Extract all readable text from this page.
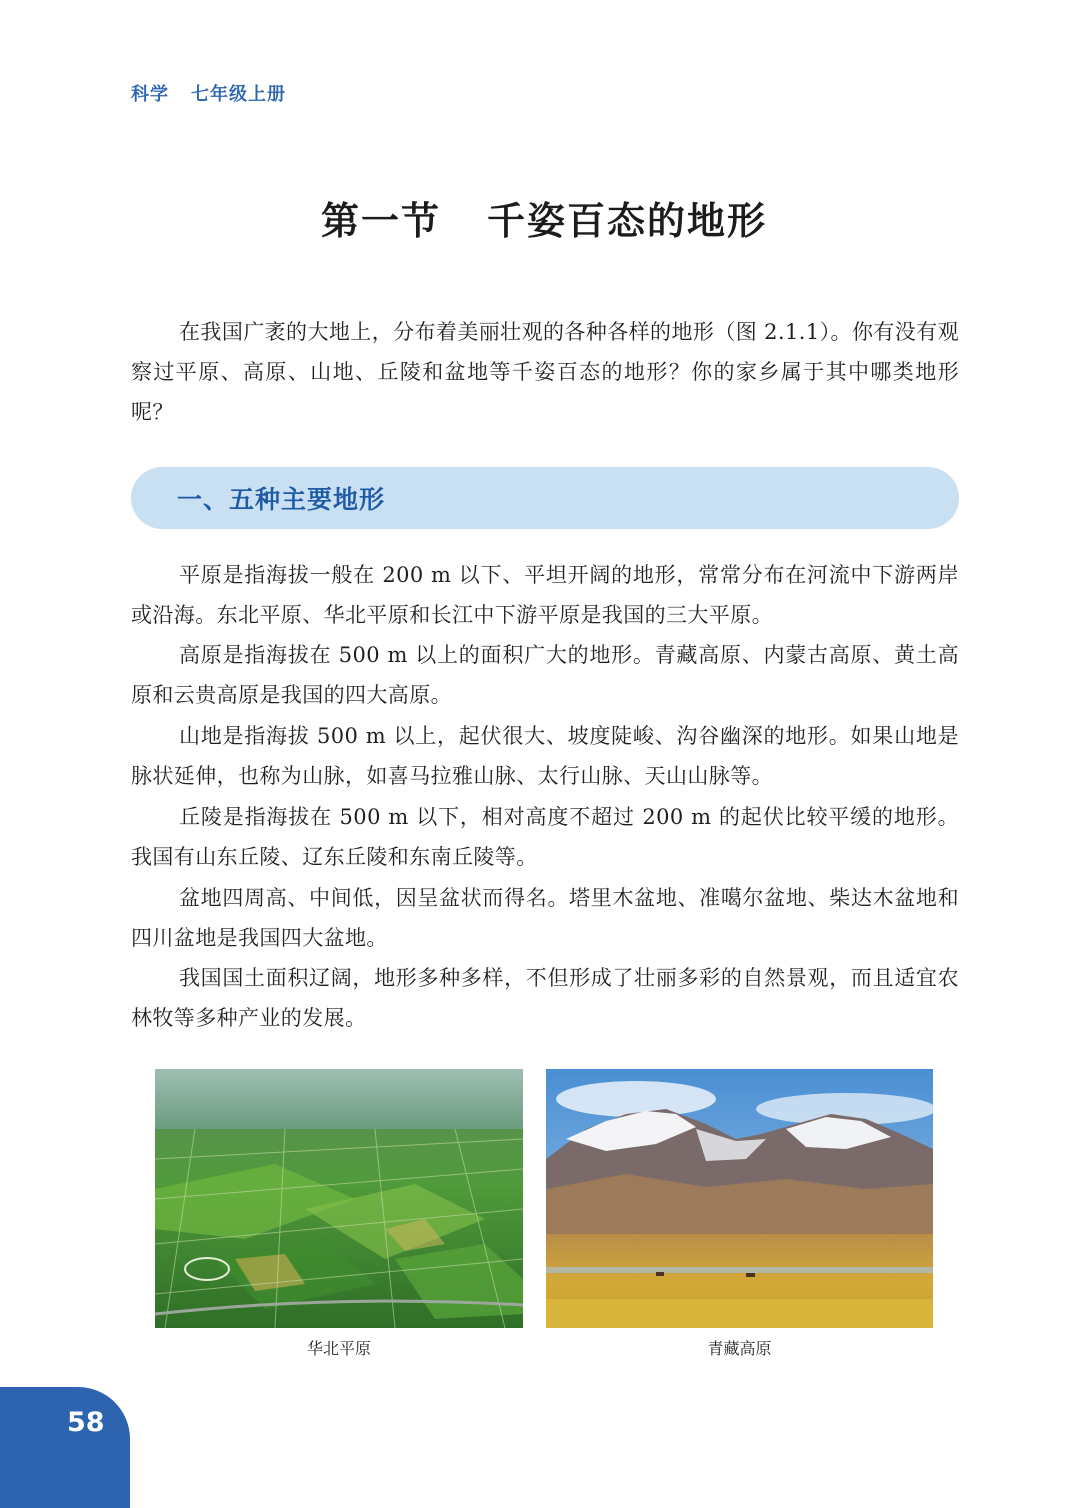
科学 七年级上册
第一节 千姿百态的地形

在我国广袤的大地上，分布着美丽壮观的各种各样的地形（图 2.1.1）。你有没有观察过平原、高原、山地、丘陵和盆地等千姿百态的地形？你的家乡属于其中哪类地形呢？

一、五种主要地形

平原是指海拔一般在 200 m 以下、平坦开阔的地形，常常分布在河流中下游两岸或沿海。东北平原、华北平原和长江中下游平原是我国的三大平原。

高原是指海拔在 500 m 以上的面积广大的地形。青藏高原、内蒙古高原、黄土高原和云贵高原是我国的四大高原。

山地是指海拔 500 m 以上，起伏很大、坡度陡峻、沟谷幽深的地形。如果山地是脉状延伸，也称为山脉，如喜马拉雅山脉、太行山脉、天山山脉等。

丘陵是指海拔在 500 m 以下，相对高度不超过 200 m 的起伏比较平缓的地形。我国有山东丘陵、辽东丘陵和东南丘陵等。

盆地四周高、中间低，因呈盆状而得名。塔里木盆地、准噶尔盆地、柴达木盆地和四川盆地是我国四大盆地。

我国国土面积辽阔，地形多种多样，不但形成了壮丽多彩的自然景观，而且适宜农林牧等多种产业的发展。

华北平原	青藏高原
58
